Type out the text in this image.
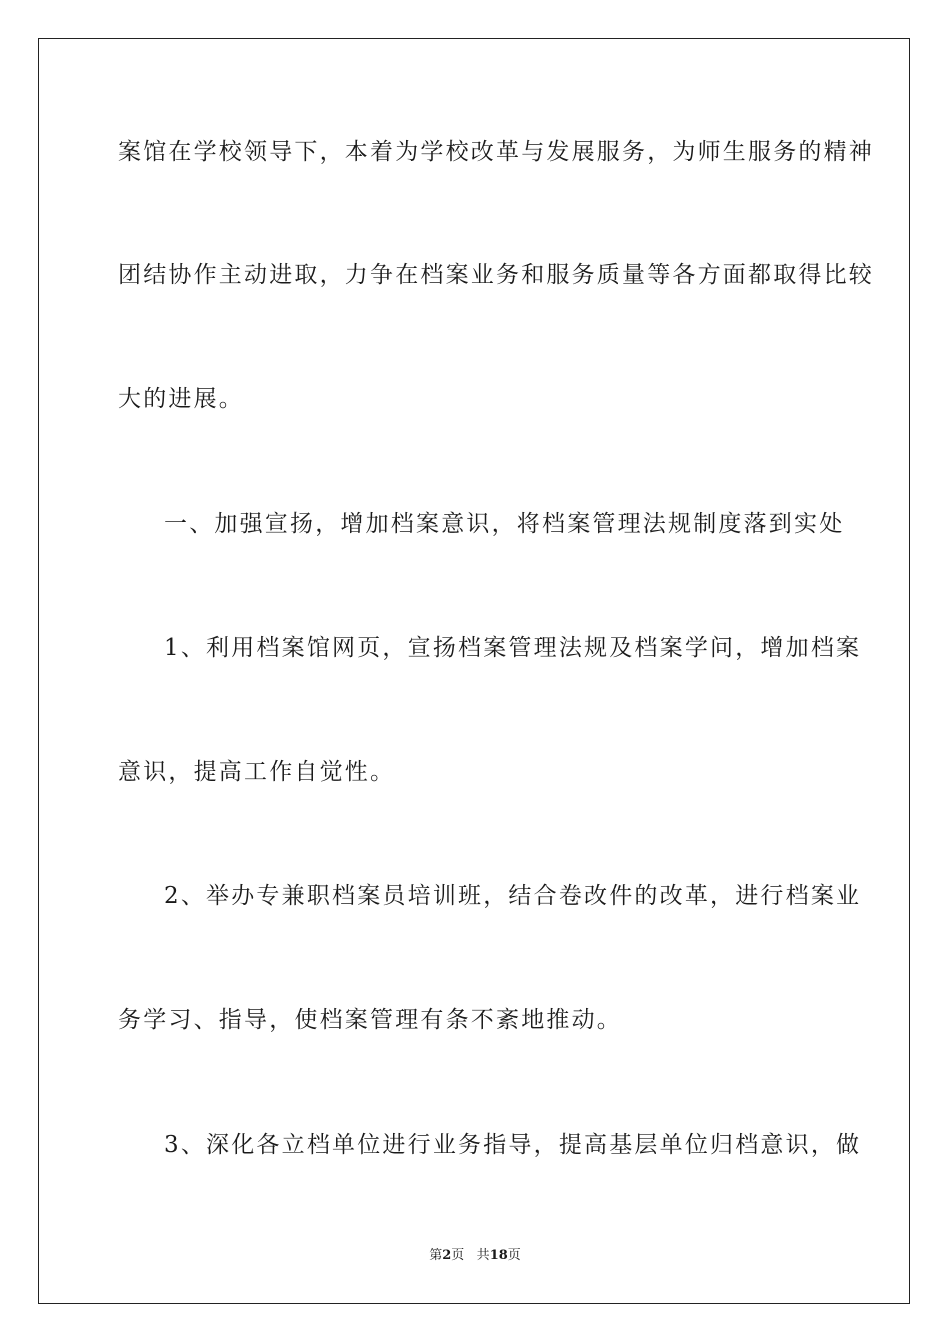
案馆在学校领导下，本着为学校改革与发展服务，为师生服务的精神
团结协作主动进取，力争在档案业务和服务质量等各方面都取得比较
大的进展。
一、加强宣扬，增加档案意识，将档案管理法规制度落到实处
1、利用档案馆网页，宣扬档案管理法规及档案学问，增加档案
意识，提高工作自觉性。
2、举办专兼职档案员培训班，结合卷改件的改革，进行档案业
务学习、指导，使档案管理有条不紊地推动。
3、深化各立档单位进行业务指导，提高基层单位归档意识，做
第2页 共18页
